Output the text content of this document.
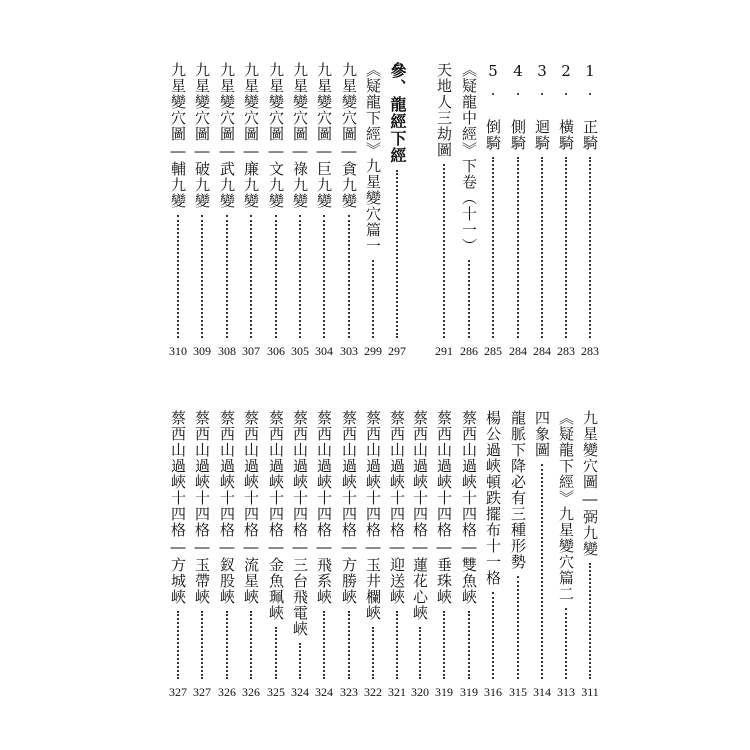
1. 正騎
283
2. 橫騎
283
3. 迴騎
284
4. 側騎
284
5. 倒騎
285
《疑龍中經》下卷（十一）
286
天地人三劫圖
291
參、龍經下經
297
《疑龍下經》九星變穴篇一
299
九星變穴圖―貪九變
303
九星變穴圖―巨九變
304
九星變穴圖―祿九變
305
九星變穴圖―文九變
306
九星變穴圖―廉九變
307
九星變穴圖―武九變
308
九星變穴圖―破九變
309
九星變穴圖―輔九變
310
九星變穴圖―弼九變
311
《疑龍下經》九星變穴篇二
313
四象圖
314
龍脈下降必有三種形勢
315
楊公過峽頓跌擺布十一格
316
蔡西山過峽十四格―雙魚峽
319
蔡西山過峽十四格―垂珠峽
319
蔡西山過峽十四格―蓮花心峽
320
蔡西山過峽十四格―迎送峽
321
蔡西山過峽十四格―玉井欄峽
322
蔡西山過峽十四格―方勝峽
323
蔡西山過峽十四格―飛系峽
324
蔡西山過峽十四格―三台飛電峽
324
蔡西山過峽十四格―金魚珮峽
325
蔡西山過峽十四格―流星峽
326
蔡西山過峽十四格―釵股峽
326
蔡西山過峽十四格―玉帶峽
327
蔡西山過峽十四格―方城峽
327
